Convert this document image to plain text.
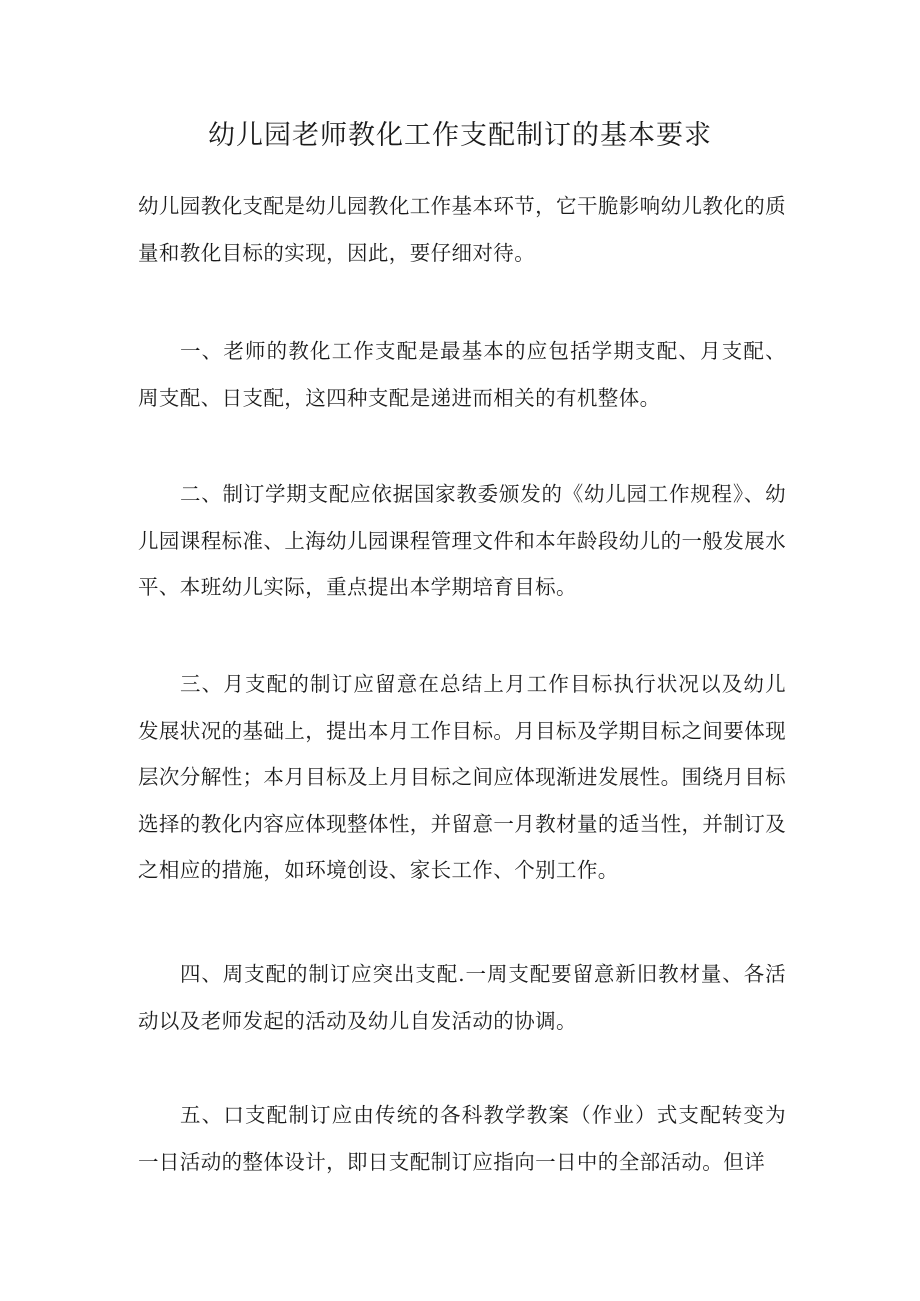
幼儿园老师教化工作支配制订的基本要求

幼儿园教化支配是幼儿园教化工作基本环节，它干脆影响幼儿教化的质量和教化目标的实现，因此，要仔细对待。

一、老师的教化工作支配是最基本的应包括学期支配、月支配、周支配、日支配，这四种支配是递进而相关的有机整体。

二、制订学期支配应依据国家教委颁发的《幼儿园工作规程》、幼儿园课程标准、上海幼儿园课程管理文件和本年龄段幼儿的一般发展水平、本班幼儿实际，重点提出本学期培育目标。

三、月支配的制订应留意在总结上月工作目标执行状况以及幼儿发展状况的基础上，提出本月工作目标。月目标及学期目标之间要体现层次分解性；本月目标及上月目标之间应体现渐进发展性。围绕月目标选择的教化内容应体现整体性，并留意一月教材量的适当性，并制订及之相应的措施，如环境创设、家长工作、个别工作。

四、周支配的制订应突出支配.一周支配要留意新旧教材量、各活动以及老师发起的活动及幼儿自发活动的协调。

五、口支配制订应由传统的各科教学教案（作业）式支配转变为一日活动的整体设计，即日支配制订应指向一日中的全部活动。但详
